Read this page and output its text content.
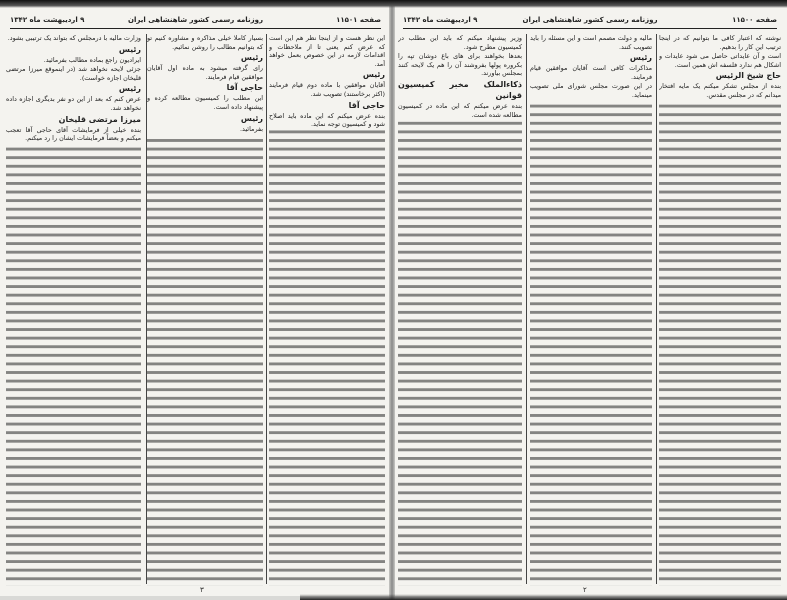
صفحه ۱۱۵۰۱
روزنامه رسمی کشور شاهنشاهی ایران
۹ اردیبهشت ماه ۱۳۴۲

این نظر هست و از اینجا نظر هم این است که عرض کنم یعنی تا از ملاحظات و اقدامات لازمه در این خصوص بعمل خواهد آمد.

رئیس

آقایان موافقین با ماده دوم قیام فرمایند (اکثر برخاستند) تصویب شد.

حاجی آقا

بنده عرض میکنم که این ماده باید اصلاح شود و کمیسیون توجه نماید.

بسیار کاملا خیلی مذاکره و مشاوره کنیم تو که بتوانیم مطالب را روشن نمائیم.

رئیس

رای گرفته میشود به ماده اول آقایان موافقین قیام فرمایند.

حاجی آقا

این مطلب را کمیسیون مطالعه کرده و پیشنهاد داده است.

رئیس

بفرمائید.

وزارت مالیه با درمجلس که بتواند یک ترتیبی بشود.

رئیس

ایرادیون راجع بماده مطالب بفرمائید.

جزئی لایحه نخواهد شد (در اینموقع میرزا مرتضی قلیخان اجازه خواست).

رئیس

عرض کنم که بعد از این دو نفر بدیگری اجازه داده نخواهد شد.

میرزا مرتضی قلیخان

بنده خیلی از فرمایشات آقای حاجی آقا تعجب میکنم و بعضاً فرمایشات ایشان را رد میکنم.

۳
صفحه ۱۱۵۰۰
روزنامه رسمی کشور شاهنشاهی ایران
۹ اردیبهشت ماه ۱۳۴۲

نوشته که اعتبار کافی ما بتوانیم که در اینجا ترتیب این کار را بدهیم.

است و آن عایداتی حاصل می شود عایدات و اشکال هم ندارد فلسفه اش همین است.

حاج شیخ الرئیس

بنده از مجلس تشکر میکنم یک مایه افتخار میدانم که در مجلس مقدس.

مالیه و دولت مصمم است و این مسئله را باید تصویب کنند.

رئیس

مذاکرات کافی است آقایان موافقین قیام فرمایند.

در این صورت مجلس شورای ملی تصویب مینماید.

وزیر پیشنهاد میکنم که باید این مطلب در کمیسیون مطرح شود.

بعدها بخواهند برای های باغ دوشان تپه را بکروره پولها بفروشند آن را هم یک لایحه کنند بمجلس بیاورند.

ذکاءالملک مخبر کمیسیون قوانین

بنده عرض میکنم که این ماده در کمیسیون مطالعه شده است.

۲
